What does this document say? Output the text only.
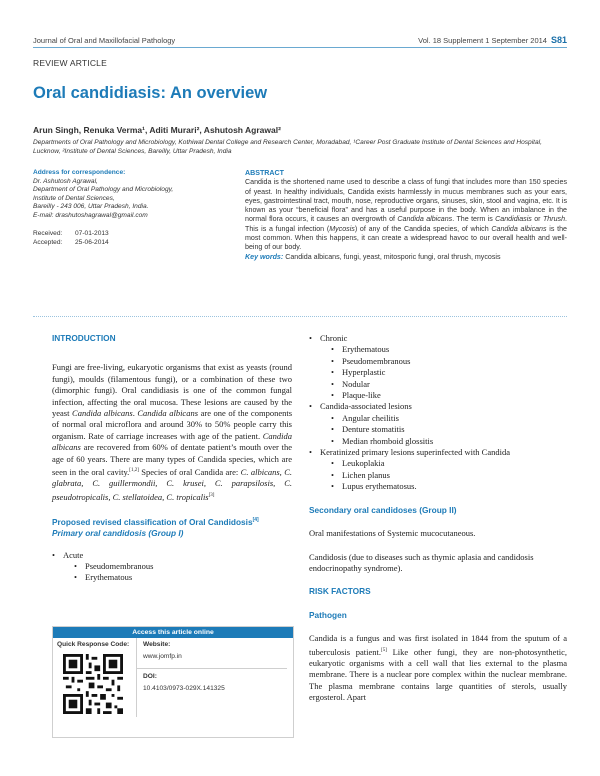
Journal of Oral and Maxillofacial Pathology	Vol. 18 Supplement 1 September 2014 S81
REVIEW ARTICLE
Oral candidiasis: An overview
Arun Singh, Renuka Verma¹, Aditi Murari², Ashutosh Agrawal²
Departments of Oral Pathology and Microbiology, Kothiwal Dental College and Research Center, Moradabad, ¹Career Post Graduate Institute of Dental Sciences and Hospital, Lucknow, ²Institute of Dental Sciences, Bareilly, Uttar Pradesh, India
Address for correspondence:
Dr. Ashutosh Agrawal,
Department of Oral Pathology and Microbiology,
Institute of Dental Sciences,
Bareilly - 243 006, Uttar Pradesh, India.
E-mail: drashutoshagrawal@gmail.com
Received: 07-01-2013
Accepted: 25-06-2014
ABSTRACT
Candida is the shortened name used to describe a class of fungi that includes more than 150 species of yeast. In healthy individuals, Candida exists harmlessly in mucus membranes such as your ears, eyes, gastrointestinal tract, mouth, nose, reproductive organs, sinuses, skin, stool and vagina, etc. It is known as your “beneficial flora” and has a useful purpose in the body. When an imbalance in the normal flora occurs, it causes an overgrowth of Candida albicans. The term is Candidiasis or Thrush. This is a fungal infection (Mycosis) of any of the Candida species, of which Candida albicans is the most common. When this happens, it can create a widespread havoc to our overall health and well-being of our body.
Key words: Candida albicans, fungi, yeast, mitosporic fungi, oral thrush, mycosis
INTRODUCTION
Fungi are free-living, eukaryotic organisms that exist as yeasts (round fungi), moulds (filamentous fungi), or a combination of these two (dimorphic fungi). Oral candidiasis is one of the common fungal infection, affecting the oral mucosa. These lesions are caused by the yeast Candida albicans. Candida albicans are one of the components of normal oral microflora and around 30% to 50% people carry this organism. Rate of carriage increases with age of the patient. Candida albicans are recovered from 60% of dentate patient’s mouth over the age of 60 years. There are many types of Candida species, which are seen in the oral cavity.[1,2] Species of oral Candida are: C. albicans, C. glabrata, C. guillermondii, C. krusei, C. parapsilosis, C. pseudotropicalis, C. stellatoidea, C. tropicalis[3]
Proposed revised classification of Oral Candidosis[4]
Primary oral candidosis (Group I)
• Acute
• Pseudomembranous
• Erythematous
Access this article online
Quick Response Code:	Website:
www.jomfp.in
DOI:
10.4103/0973-029X.141325
• Chronic
• Erythematous
• Pseudomembranous
• Hyperplastic
• Nodular
• Plaque-like
• Candida-associated lesions
• Angular cheilitis
• Denture stomatitis
• Median rhomboid glossitis
• Keratinized primary lesions superinfected with Candida
• Leukoplakia
• Lichen planus
• Lupus erythematosus.
Secondary oral candidoses (Group II)
Oral manifestations of Systemic mucocutaneous.
Candidosis (due to diseases such as thymic aplasia and candidosis endocrinopathy syndrome).
RISK FACTORS
Pathogen
Candida is a fungus and was first isolated in 1844 from the sputum of a tuberculosis patient.[5] Like other fungi, they are non-photosynthetic, eukaryotic organisms with a cell wall that lies external to the plasma membrane. There is a nuclear pore complex within the nuclear membrane. The plasma membrane contains large quantities of sterols, usually ergosterol. Apart
